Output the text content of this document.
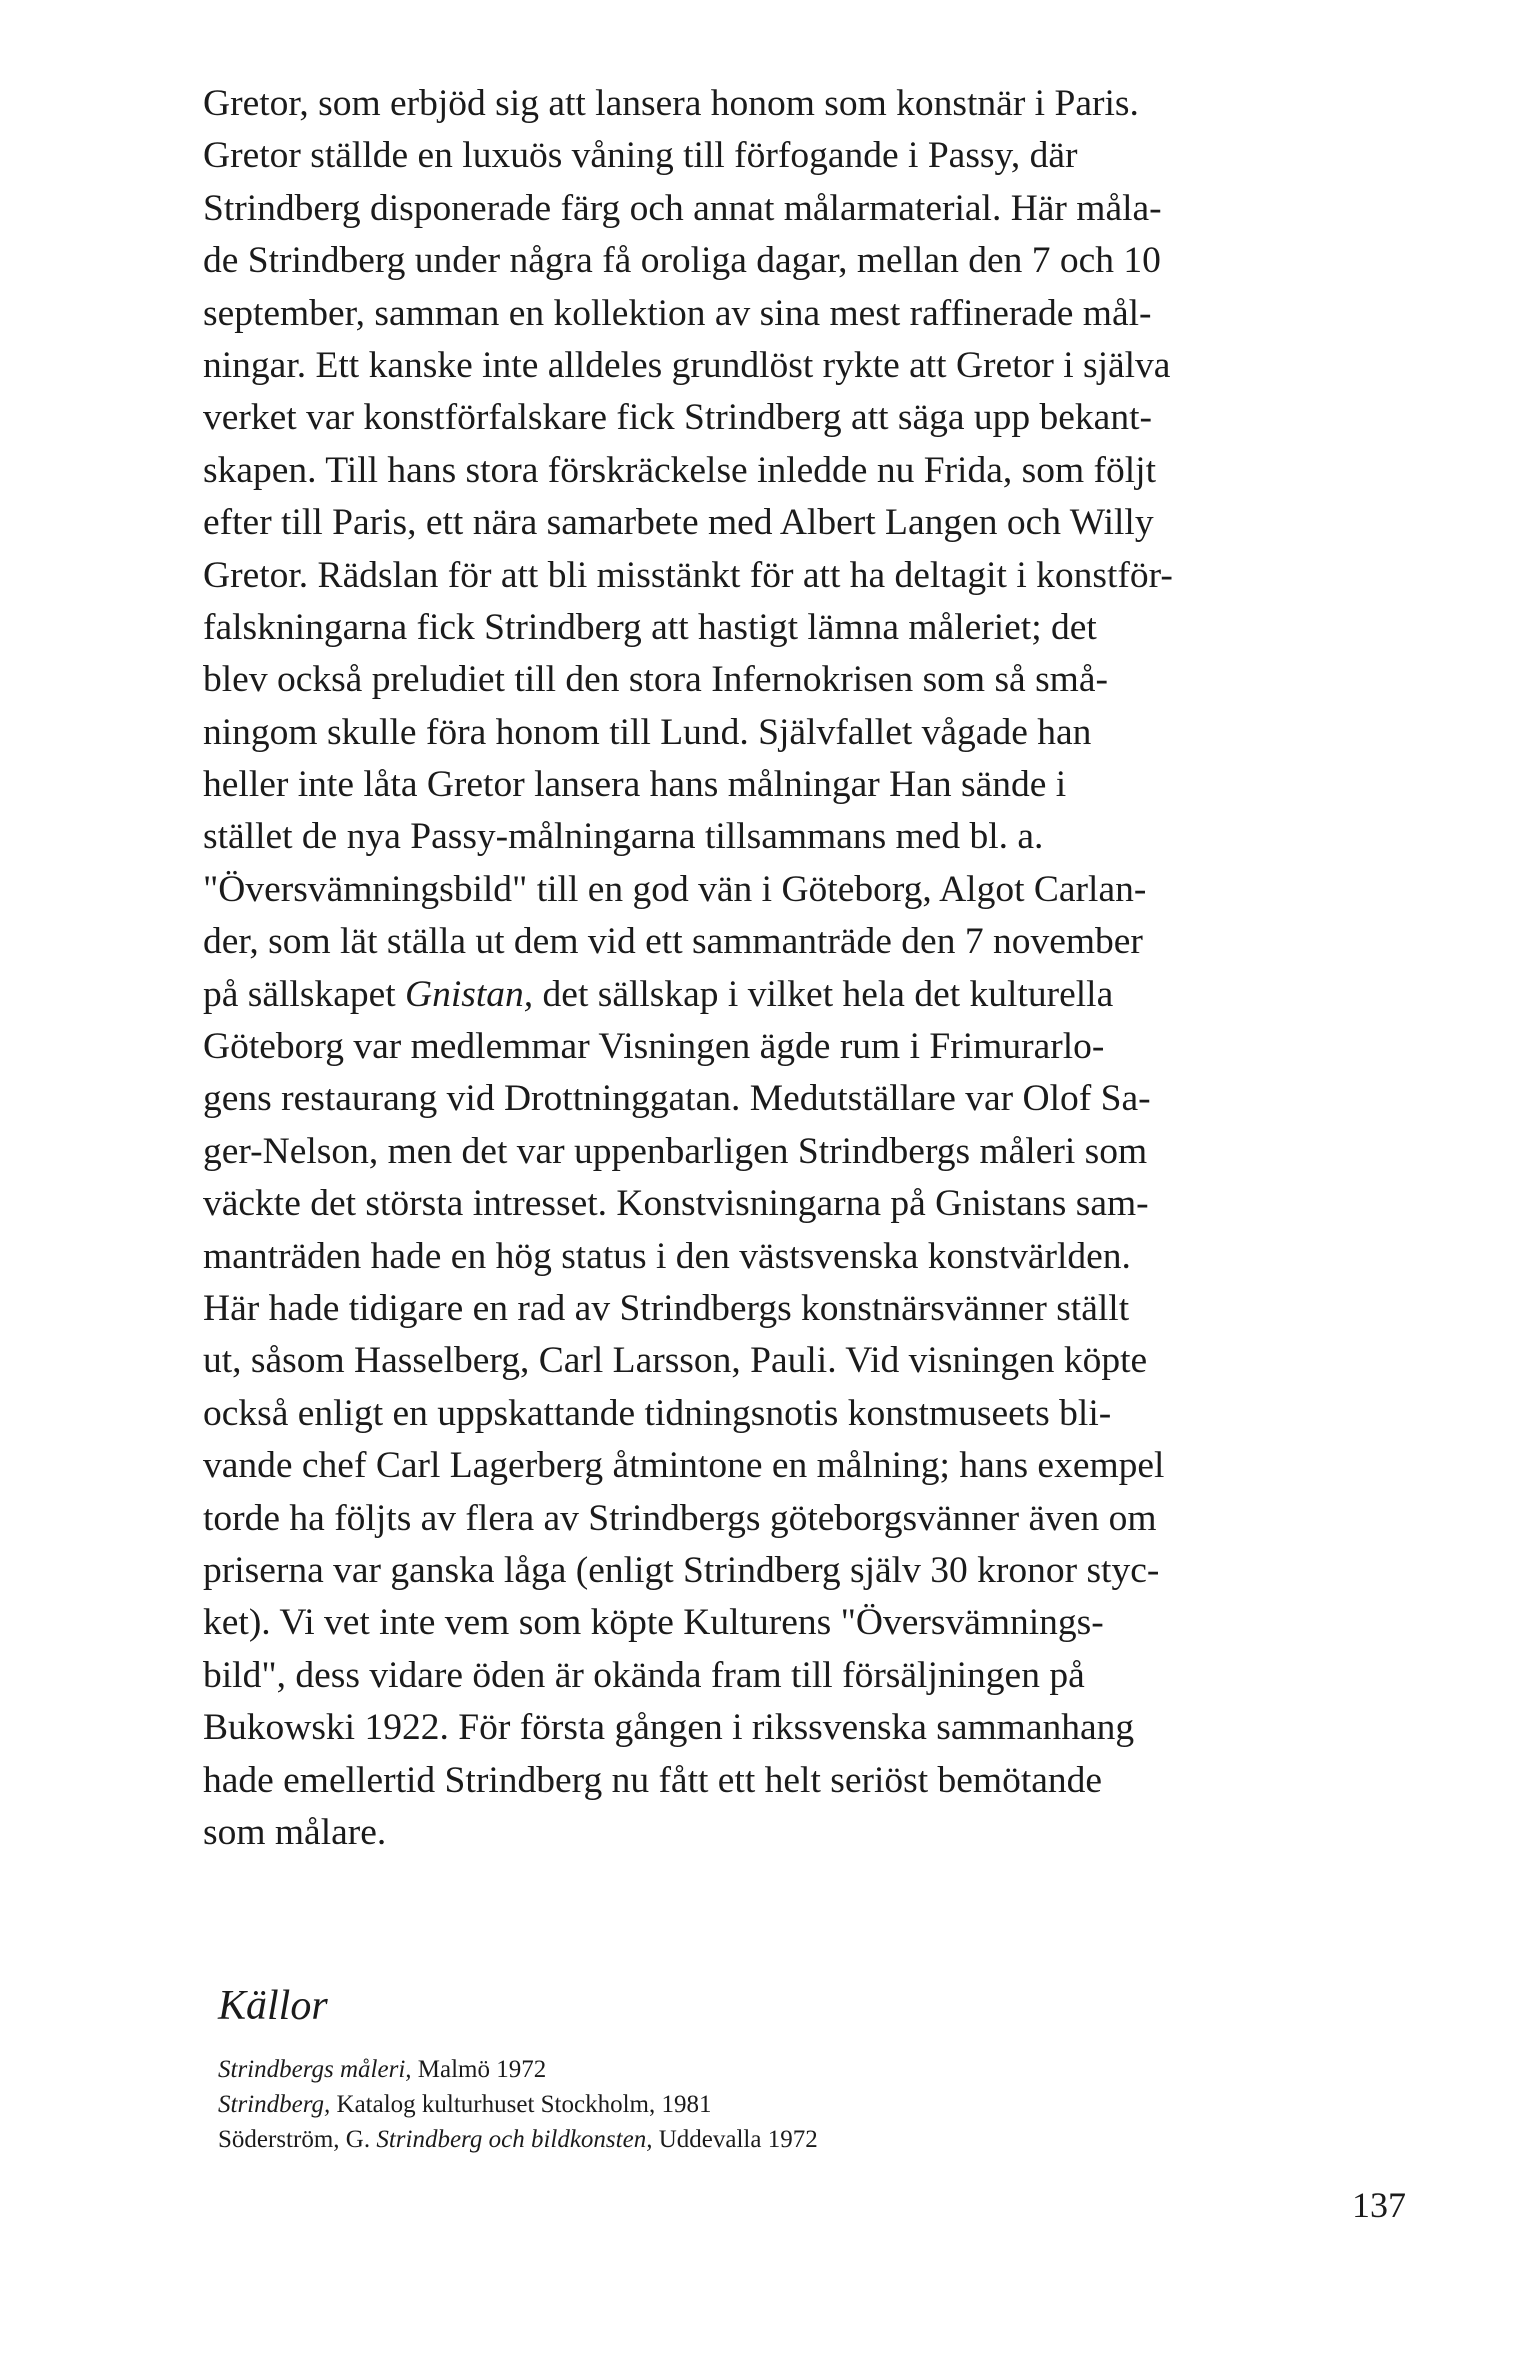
Gretor, som erbjöd sig att lansera honom som konstnär i Paris.
Gretor ställde en luxuös våning till förfogande i Passy, där
Strindberg disponerade färg och annat målarmaterial. Här måla-
de Strindberg under några få oroliga dagar, mellan den 7 och 10
september, samman en kollektion av sina mest raffinerade mål-
ningar. Ett kanske inte alldeles grundlöst rykte att Gretor i själva
verket var konstförfalskare fick Strindberg att säga upp bekant-
skapen. Till hans stora förskräckelse inledde nu Frida, som följt
efter till Paris, ett nära samarbete med Albert Langen och Willy
Gretor. Rädslan för att bli misstänkt för att ha deltagit i konstför-
falskningarna fick Strindberg att hastigt lämna måleriet; det
blev också preludiet till den stora Infernokrisen som så små-
ningom skulle föra honom till Lund. Självfallet vågade han
heller inte låta Gretor lansera hans målningar Han sände i
stället de nya Passy-målningarna tillsammans med bl. a.
"Översvämningsbild" till en god vän i Göteborg, Algot Carlan-
der, som lät ställa ut dem vid ett sammanträde den 7 november
på sällskapet Gnistan, det sällskap i vilket hela det kulturella
Göteborg var medlemmar Visningen ägde rum i Frimurarlo-
gens restaurang vid Drottninggatan. Medutställare var Olof Sa-
ger-Nelson, men det var uppenbarligen Strindbergs måleri som
väckte det största intresset. Konstvisningarna på Gnistans sam-
manträden hade en hög status i den västsvenska konstvärlden.
Här hade tidigare en rad av Strindbergs konstnärsvänner ställt
ut, såsom Hasselberg, Carl Larsson, Pauli. Vid visningen köpte
också enligt en uppskattande tidningsnotis konstmuseets bli-
vande chef Carl Lagerberg åtmintone en målning; hans exempel
torde ha följts av flera av Strindbergs göteborgsvänner även om
priserna var ganska låga (enligt Strindberg själv 30 kronor styc-
ket). Vi vet inte vem som köpte Kulturens "Översvämnings-
bild", dess vidare öden är okända fram till försäljningen på
Bukowski 1922. För första gången i rikssvenska sammanhang
hade emellertid Strindberg nu fått ett helt seriöst bemötande
som målare.
Källor
Strindbergs måleri, Malmö 1972
Strindberg, Katalog kulturhuset Stockholm, 1981
Söderström, G. Strindberg och bildkonsten, Uddevalla 1972
137
